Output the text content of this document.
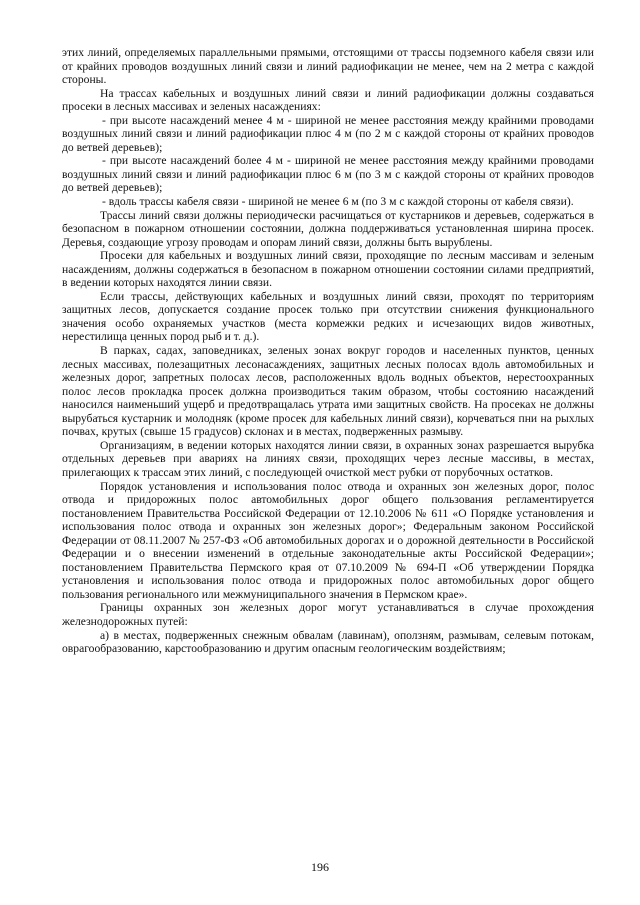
этих линий, определяемых параллельными прямыми, отстоящими от трассы подземного кабеля связи или от крайних проводов воздушных линий связи и линий радиофикации не менее, чем на 2 метра с каждой стороны.

На трассах кабельных и воздушных линий связи и линий радиофикации должны создаваться просеки в лесных массивах и зеленых насаждениях:

- при высоте насаждений менее 4 м - шириной не менее расстояния между крайними проводами воздушных линий связи и линий радиофикации плюс 4 м (по 2 м с каждой стороны от крайних проводов до ветвей деревьев);

- при высоте насаждений более 4 м - шириной не менее расстояния между крайними проводами воздушных линий связи и линий радиофикации плюс 6 м (по 3 м с каждой стороны от крайних проводов до ветвей деревьев);

- вдоль трассы кабеля связи - шириной не менее 6 м (по 3 м с каждой стороны от кабеля связи).

Трассы линий связи должны периодически расчищаться от кустарников и деревьев, содержаться в безопасном в пожарном отношении состоянии, должна поддерживаться установленная ширина просек. Деревья, создающие угрозу проводам и опорам линий связи, должны быть вырублены.

Просеки для кабельных и воздушных линий связи, проходящие по лесным массивам и зеленым насаждениям, должны содержаться в безопасном в пожарном отношении состоянии силами предприятий, в ведении которых находятся линии связи.

Если трассы, действующих кабельных и воздушных линий связи, проходят по территориям защитных лесов, допускается создание просек только при отсутствии снижения функционального значения особо охраняемых участков (места кормежки редких и исчезающих видов животных, нерестилища ценных пород рыб и т. д.).

В парках, садах, заповедниках, зеленых зонах вокруг городов и населенных пунктов, ценных лесных массивах, полезащитных лесонасаждениях, защитных лесных полосах вдоль автомобильных и железных дорог, запретных полосах лесов, расположенных вдоль водных объектов, нерестоохранных полос лесов прокладка просек должна производиться таким образом, чтобы состоянию насаждений наносился наименьший ущерб и предотвращалась утрата ими защитных свойств. На просеках не должны вырубаться кустарник и молодняк (кроме просек для кабельных линий связи), корчеваться пни на рыхлых почвах, крутых (свыше 15 градусов) склонах и в местах, подверженных размыву.

Организациям, в ведении которых находятся линии связи, в охранных зонах разрешается вырубка отдельных деревьев при авариях на линиях связи, проходящих через лесные массивы, в местах, прилегающих к трассам этих линий, с последующей очисткой мест рубки от порубочных остатков.

Порядок установления и использования полос отвода и охранных зон железных дорог, полос отвода и придорожных полос автомобильных дорог общего пользования регламентируется постановлением Правительства Российской Федерации от 12.10.2006 № 611 «О Порядке установления и использования полос отвода и охранных зон железных дорог»; Федеральным законом Российской Федерации от 08.11.2007 № 257-ФЗ «Об автомобильных дорогах и о дорожной деятельности в Российской Федерации и о внесении изменений в отдельные законодательные акты Российской Федерации»; постановлением Правительства Пермского края от 07.10.2009 № 694-П «Об утверждении Порядка установления и использования полос отвода и придорожных полос автомобильных дорог общего пользования регионального или межмуниципального значения в Пермском крае».

Границы охранных зон железных дорог могут устанавливаться в случае прохождения железнодорожных путей:

а) в местах, подверженных снежным обвалам (лавинам), оползням, размывам, селевым потокам, оврагообразованию, карстообразованию и другим опасным геологическим воздействиям;

196
